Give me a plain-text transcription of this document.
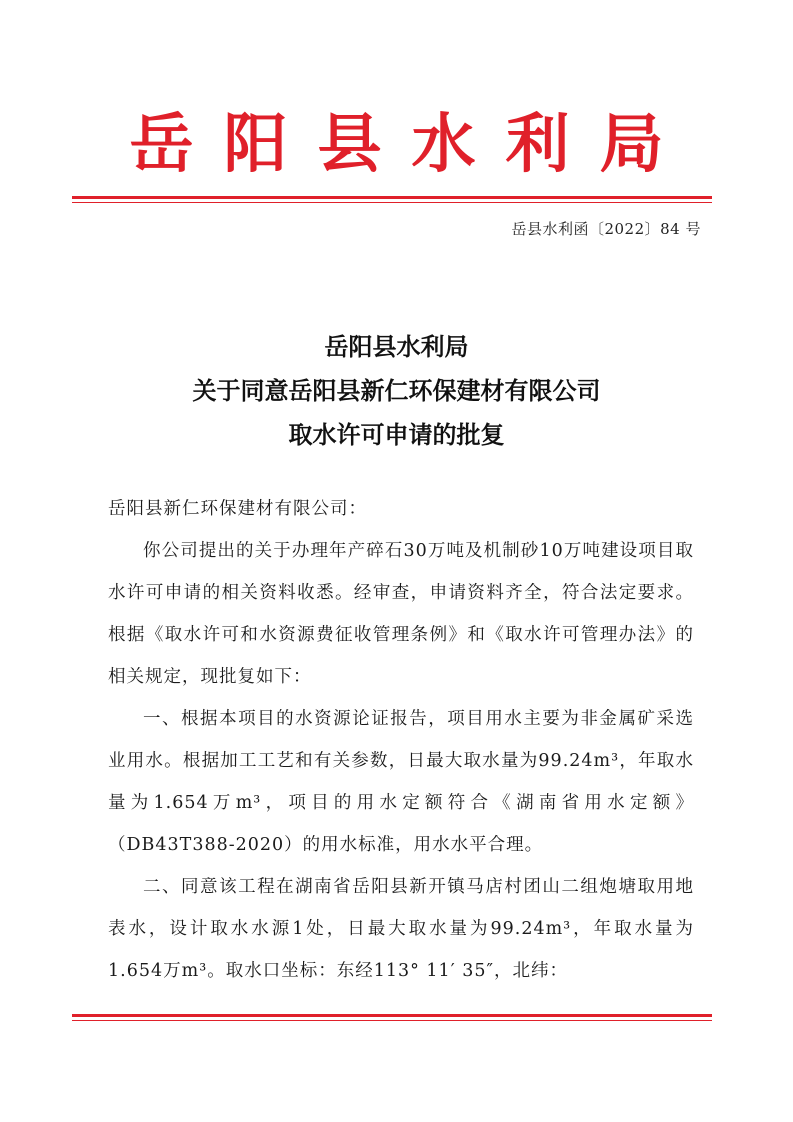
岳阳县水利局
岳县水利函〔2022〕84 号
岳阳县水利局
关于同意岳阳县新仁环保建材有限公司
取水许可申请的批复

岳阳县新仁环保建材有限公司：

你公司提出的关于办理年产碎石30万吨及机制砂10万吨建设项目取水许可申请的相关资料收悉。经审查，申请资料齐全，符合法定要求。根据《取水许可和水资源费征收管理条例》和《取水许可管理办法》的相关规定，现批复如下：

一、根据本项目的水资源论证报告，项目用水主要为非金属矿采选业用水。根据加工工艺和有关参数，日最大取水量为99.24m³，年取水量为1.654万m³，项目的用水定额符合《湖南省用水定额》（DB43T388-2020）的用水标准，用水水平合理。

二、同意该工程在湖南省岳阳县新开镇马店村团山二组炮塘取用地表水，设计取水水源1处，日最大取水量为99.24m³，年取水量为1.654万m³。取水口坐标：东经113° 11′ 35″，北纬：
